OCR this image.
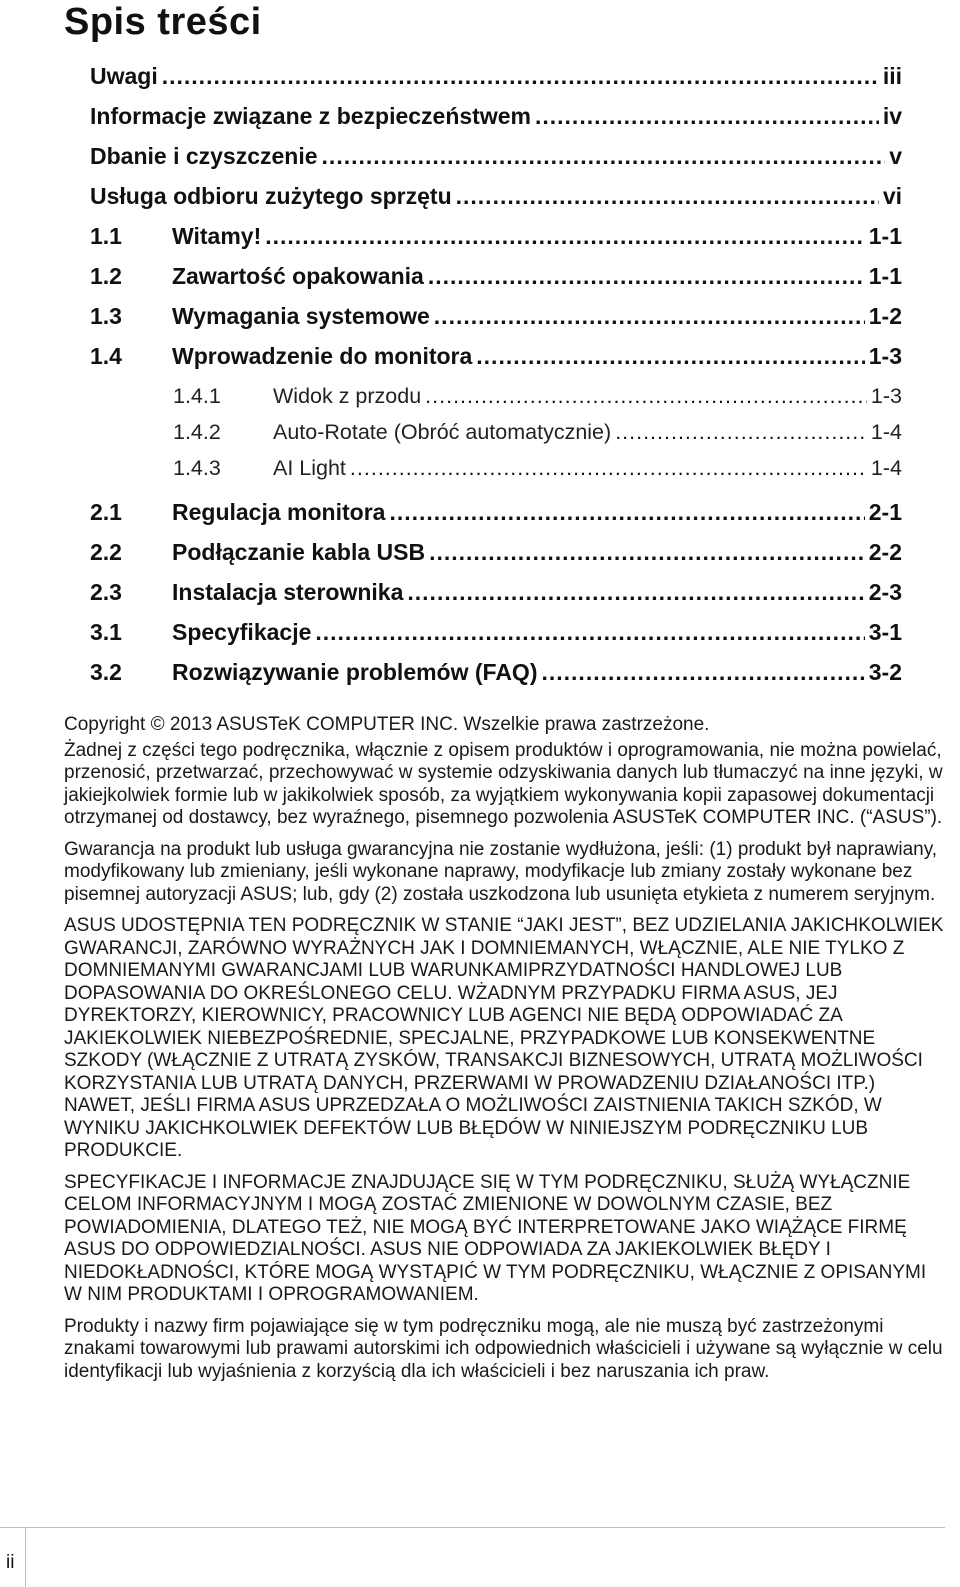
Spis treści
Uwagi .....	iii
Informacje związane z bezpieczeństwem .....	iv
Dbanie i czyszczenie .....	v
Usługa odbioru zużytego sprzętu .....	vi
1.1	Witamy! .....	1-1
1.2	Zawartość opakowania .....	1-1
1.3	Wymagania systemowe .....	1-2
1.4	Wprowadzenie do monitora .....	1-3
1.4.1	Widok z przodu .....	1-3
1.4.2	Auto-Rotate (Obróć automatycznie) .....	1-4
1.4.3	AI Light .....	1-4
2.1	Regulacja monitora .....	2-1
2.2	Podłączanie kabla USB .....	2-2
2.3	Instalacja sterownika .....	2-3
3.1	Specyfikacje .....	3-1
3.2	Rozwiązywanie problemów (FAQ) .....	3-2

Copyright © 2013 ASUSTeK COMPUTER INC. Wszelkie prawa zastrzeżone.

Żadnej z części tego podręcznika, włącznie z opisem produktów i oprogramowania, nie można powielać, przenosić, przetwarzać, przechowywać w systemie odzyskiwania danych lub tłumaczyć na inne języki, w jakiejkolwiek formie lub w jakikolwiek sposób, za wyjątkiem wykonywania kopii zapasowej dokumentacji otrzymanej od dostawcy, bez wyraźnego, pisemnego pozwolenia ASUSTeK COMPUTER INC. (“ASUS”).

Gwarancja na produkt lub usługa gwarancyjna nie zostanie wydłużona, jeśli: (1) produkt był naprawiany, modyfikowany lub zmieniany, jeśli wykonane naprawy, modyfikacje lub zmiany zostały wykonane bez pisemnej autoryzacji ASUS; lub, gdy (2) została uszkodzona lub usunięta etykieta z numerem seryjnym.

ASUS UDOSTĘPNIA TEN PODRĘCZNIK W STANIE “JAKI JEST”, BEZ UDZIELANIA JAKICHKOLWIEK GWARANCJI, ZARÓWNO WYRAŻNYCH JAK I DOMNIEMANYCH, WŁĄCZNIE, ALE NIE TYLKO Z DOMNIEMANYMI GWARANCJAMI LUB WARUNKAMIPRZYDATNOŚCI HANDLOWEJ LUB DOPASOWANIA DO OKREŚLONEGO CELU. WŻADNYM PRZYPADKU FIRMA ASUS, JEJ DYREKTORZY, KIEROWNICY, PRACOWNICY LUB AGENCI NIE BĘDĄ ODPOWIADAĆ ZA JAKIEKOLWIEK NIEBEZPOŚREDNIE, SPECJALNE, PRZYPADKOWE LUB KONSEKWENTNE SZKODY (WŁĄCZNIE Z UTRATĄ ZYSKÓW, TRANSAKCJI BIZNESOWYCH, UTRATĄ MOŻLIWOŚCI KORZYSTANIA LUB UTRATĄ DANYCH, PRZERWAMI W PROWADZENIU DZIAŁANOŚCI ITP.) NAWET, JEŚLI FIRMA ASUS UPRZEDZAŁA O MOŻLIWOŚCI ZAISTNIENIA TAKICH SZKÓD, W WYNIKU JAKICHKOLWIEK DEFEKTÓW LUB BŁĘDÓW W NINIEJSZYM PODRĘCZNIKU LUB PRODUKCIE.

SPECYFIKACJE I INFORMACJE ZNAJDUJĄCE SIĘ W TYM PODRĘCZNIKU, SŁUŻĄ WYŁĄCZNIE CELOM INFORMACYJNYM I MOGĄ ZOSTAĆ ZMIENIONE W DOWOLNYM CZASIE, BEZ POWIADOMIENIA, DLATEGO TEŻ, NIE MOGĄ BYĆ INTERPRETOWANE JAKO WIĄŻĄCE FIRMĘ ASUS DO ODPOWIEDZIALNOŚCI. ASUS NIE ODPOWIADA ZA JAKIEKOLWIEK BŁĘDY I NIEDOKŁADNOŚCI, KTÓRE MOGĄ WYSTĄPIĆ W TYM PODRĘCZNIKU, WŁĄCZNIE Z OPISANYMI W NIM PRODUKTAMI I OPROGRAMOWANIEM.

Produkty i nazwy firm pojawiające się w tym podręczniku mogą, ale nie muszą być zastrzeżonymi znakami towarowymi lub prawami autorskimi ich odpowiednich właścicieli i używane są wyłącznie w celu identyfikacji lub wyjaśnienia z korzyścią dla ich właścicieli i bez naruszania ich praw.

ii
